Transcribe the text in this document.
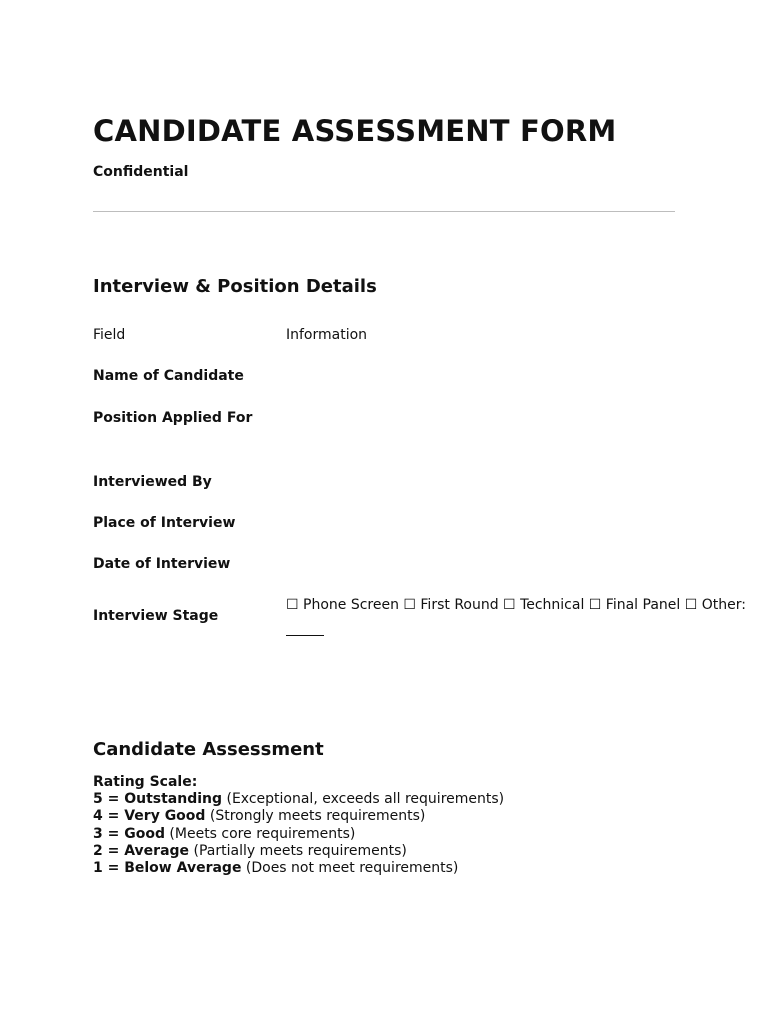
CANDIDATE ASSESSMENT FORM
Confidential
Interview & Position Details
Field	Information
Name of Candidate
Position Applied For
Interviewed By
Place of Interview
Date of Interview
Interview Stage
☐ Phone Screen ☐ First Round ☐ Technical ☐ Final Panel ☐ Other:
Candidate Assessment
Rating Scale:
5 = Outstanding (Exceptional, exceeds all requirements)
4 = Very Good (Strongly meets requirements)
3 = Good (Meets core requirements)
2 = Average (Partially meets requirements)
1 = Below Average (Does not meet requirements)
